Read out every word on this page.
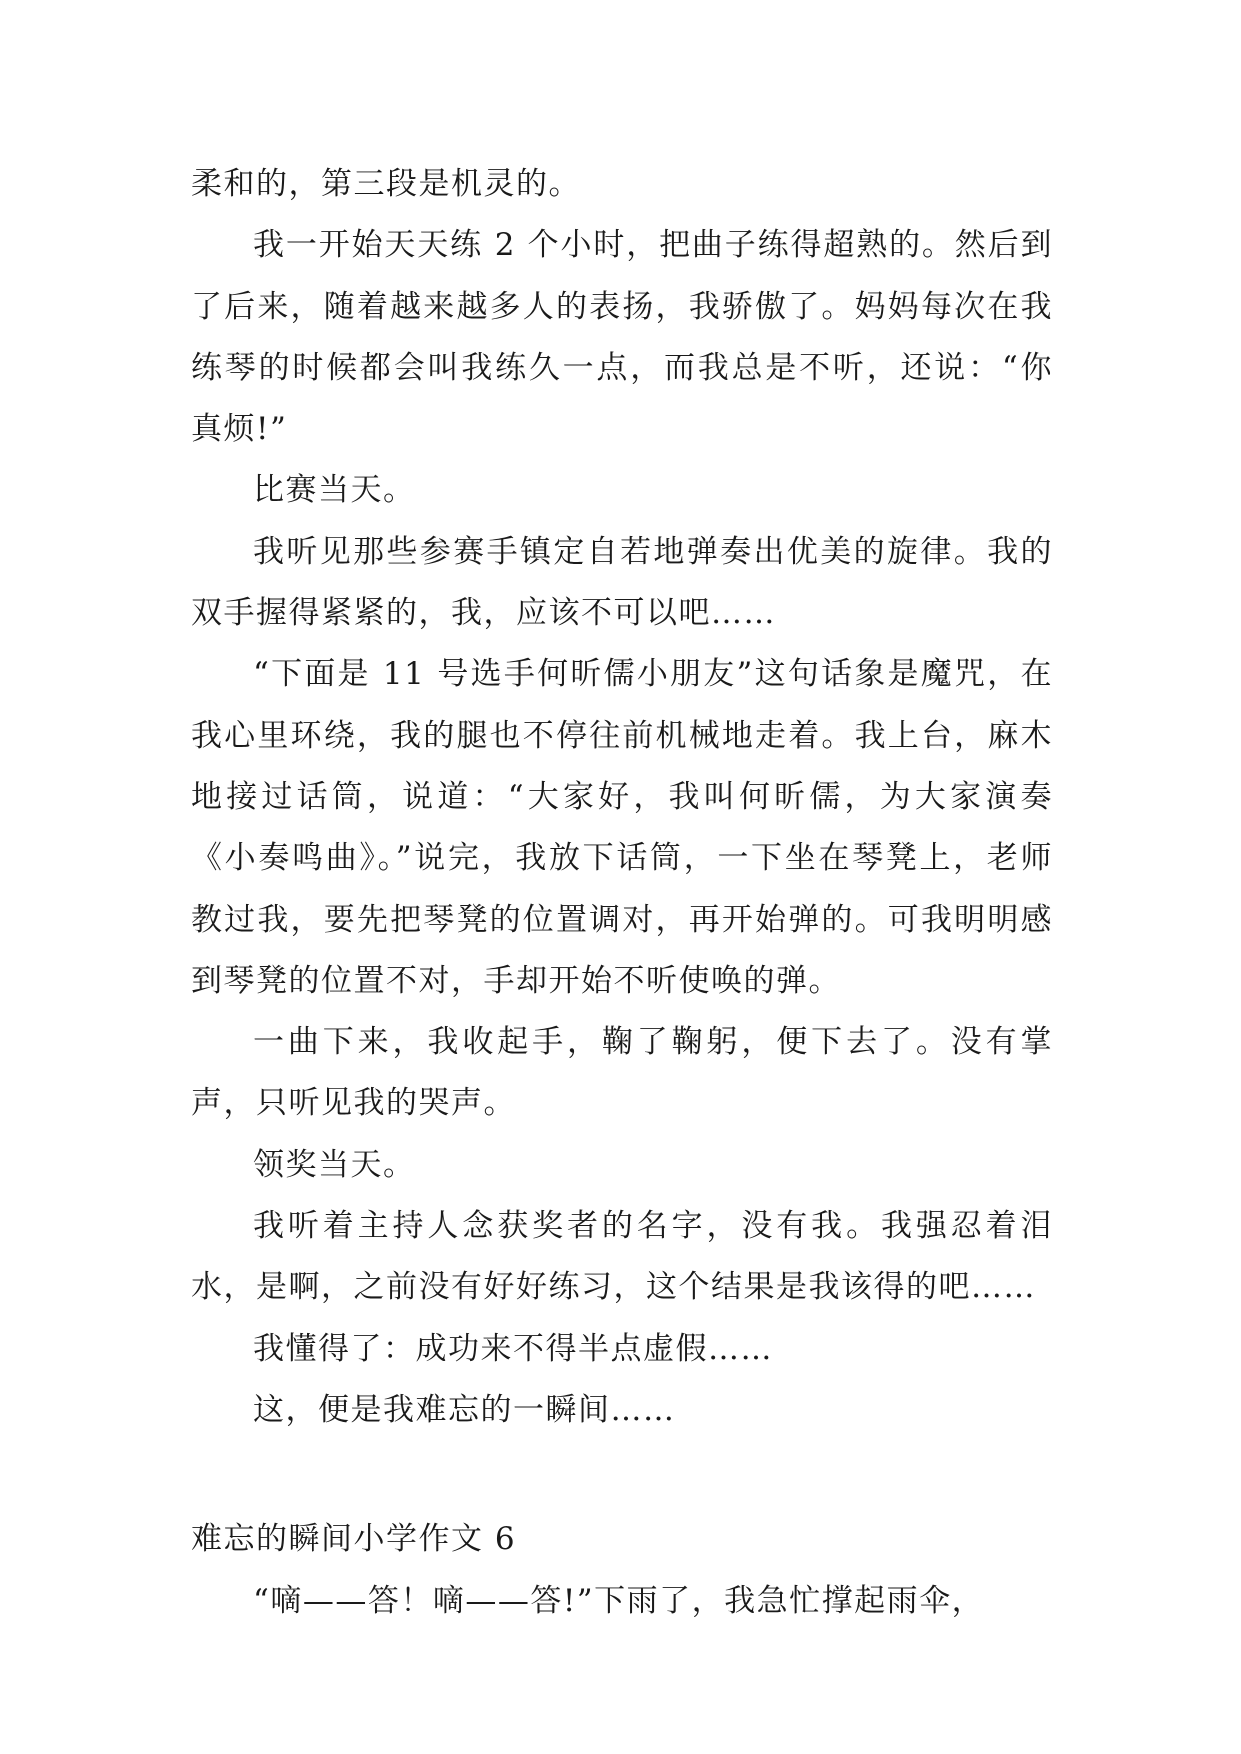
柔和的，第三段是机灵的。

我一开始天天练 2 个小时，把曲子练得超熟的。然后到了后来，随着越来越多人的表扬，我骄傲了。妈妈每次在我练琴的时候都会叫我练久一点，而我总是不听，还说：“你真烦!”

比赛当天。

我听见那些参赛手镇定自若地弹奏出优美的旋律。我的双手握得紧紧的，我，应该不可以吧……

“下面是 11 号选手何昕儒小朋友”这句话象是魔咒，在我心里环绕，我的腿也不停往前机械地走着。我上台，麻木地接过话筒，说道：“大家好，我叫何昕儒，为大家演奏《小奏鸣曲》。”说完，我放下话筒，一下坐在琴凳上，老师教过我，要先把琴凳的位置调对，再开始弹的。可我明明感到琴凳的位置不对，手却开始不听使唤的弹。

一曲下来，我收起手，鞠了鞠躬，便下去了。没有掌声，只听见我的哭声。

领奖当天。

我听着主持人念获奖者的名字，没有我。我强忍着泪水，是啊，之前没有好好练习，这个结果是我该得的吧……

我懂得了：成功来不得半点虚假……

这，便是我难忘的一瞬间……

难忘的瞬间小学作文 6

“嘀——答！嘀——答!”下雨了，我急忙撑起雨伞，
